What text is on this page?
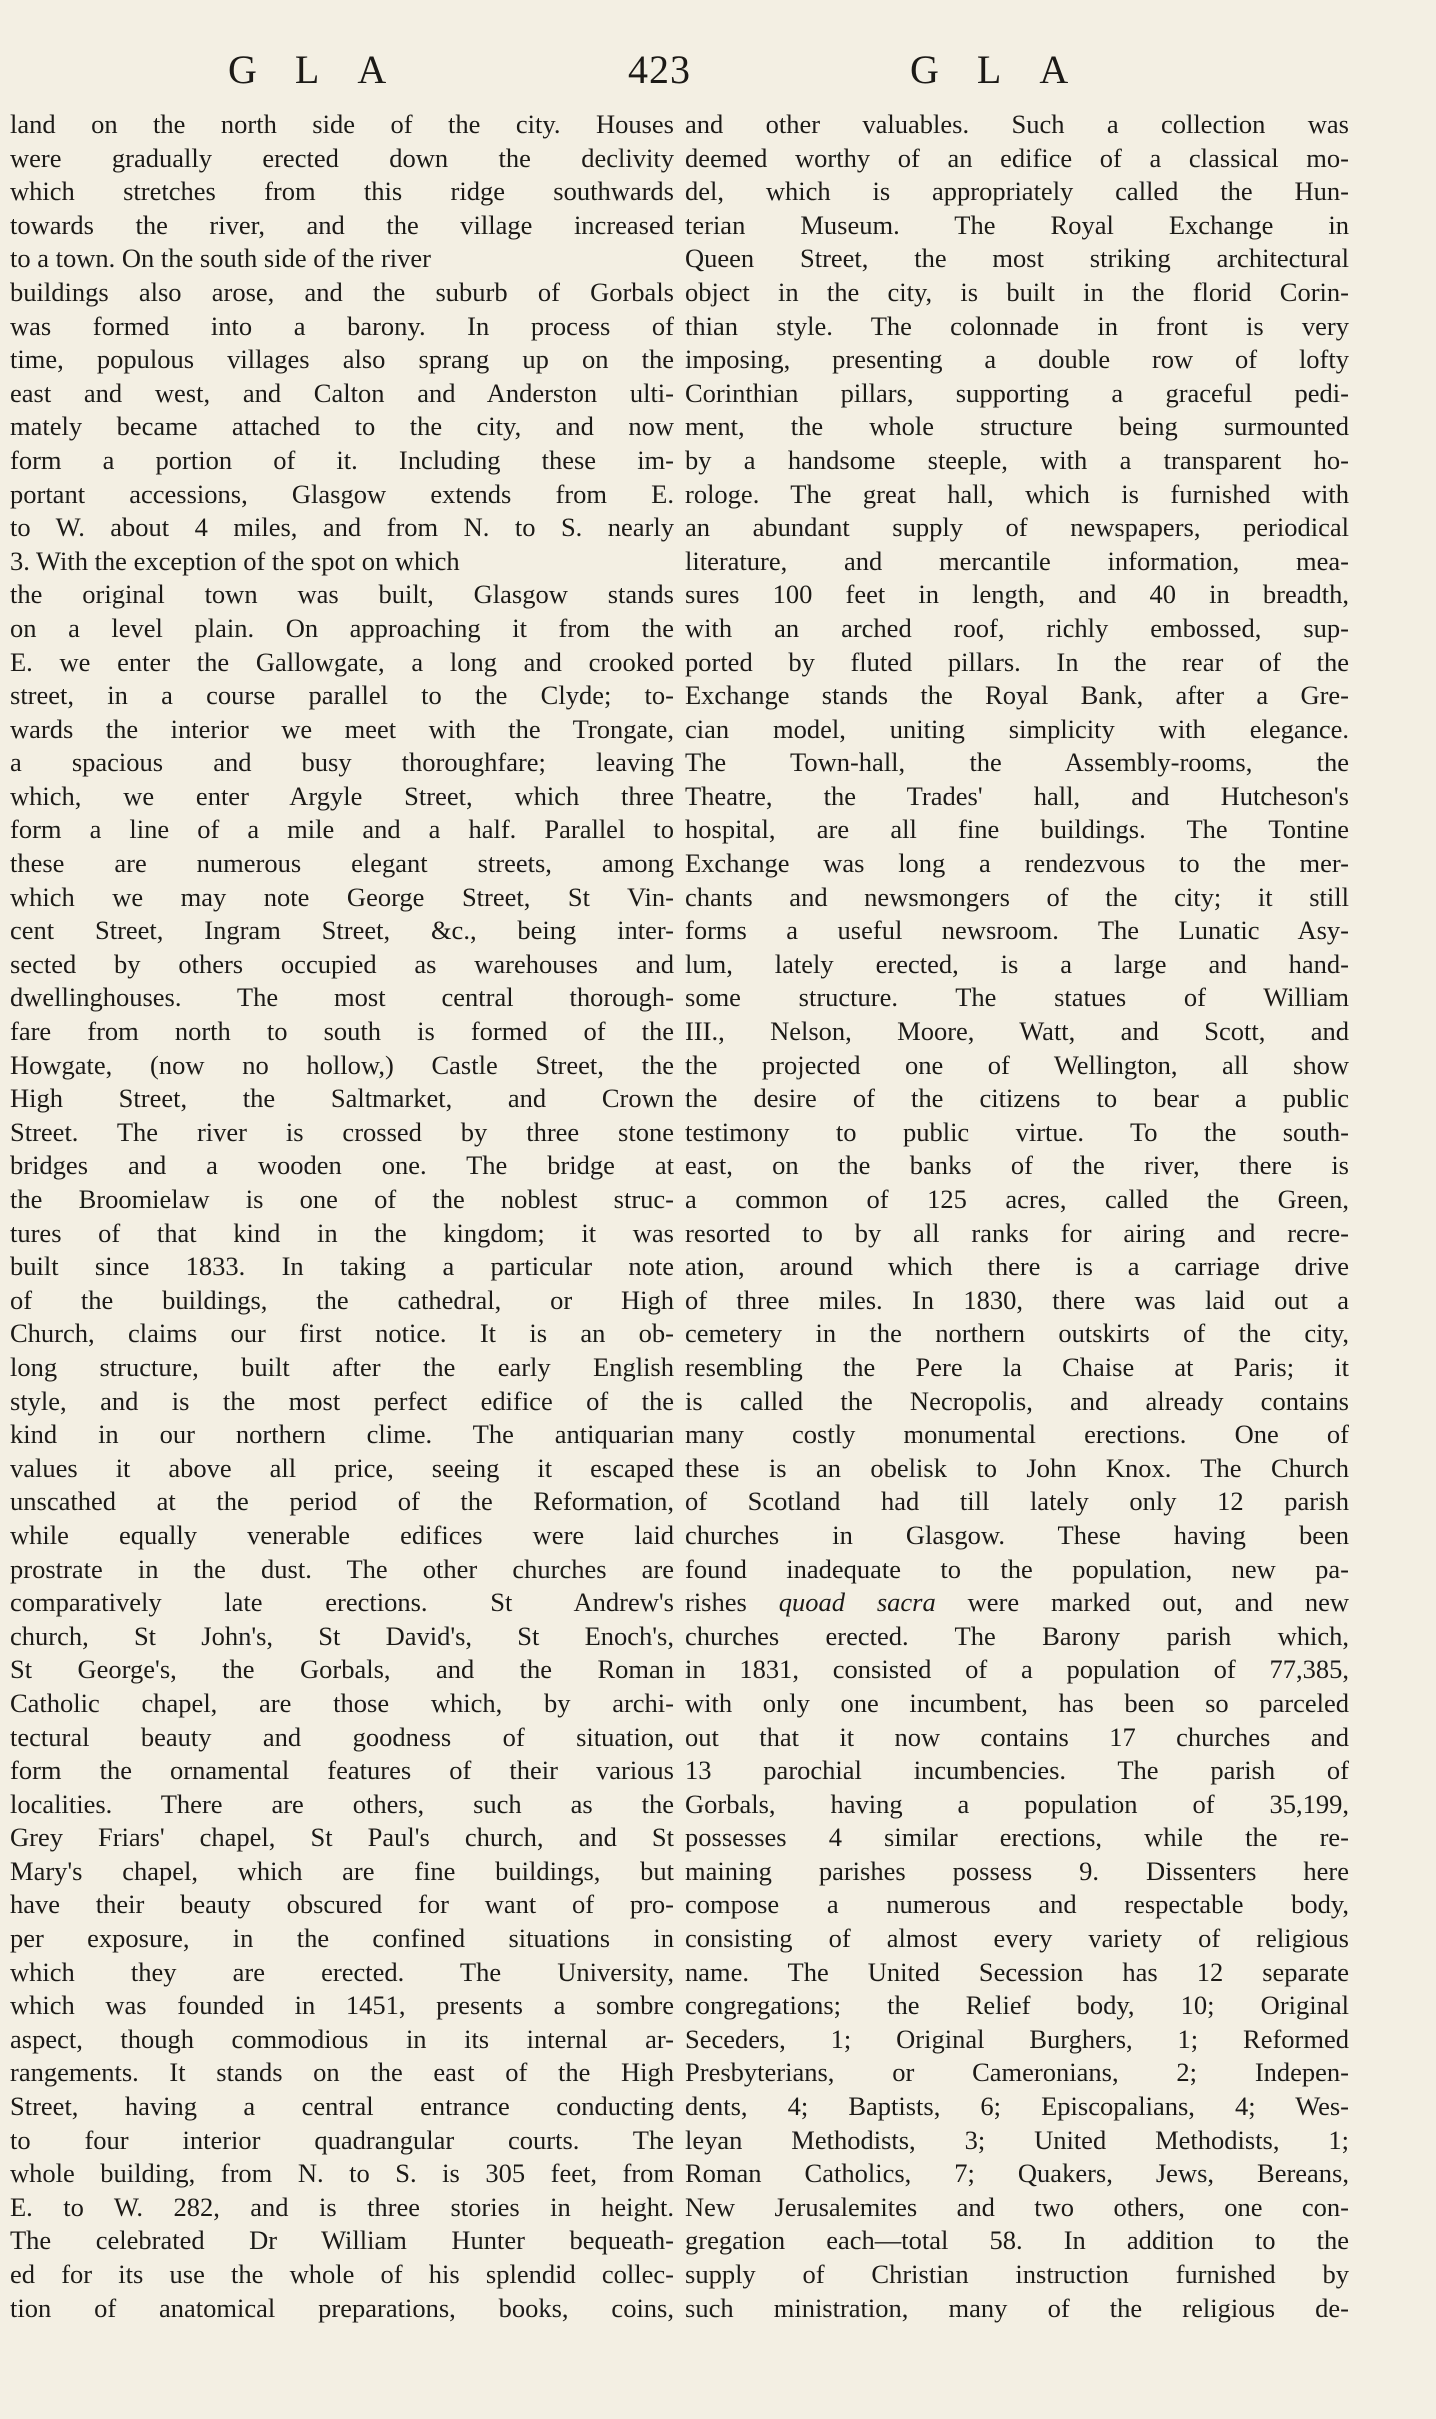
GLA	423	GLA
land on the north side of the city. Houses
were gradually erected down the declivity
which stretches from this ridge southwards
towards the river, and the village increased
to a town. On the south side of the river
buildings also arose, and the suburb of Gorbals
was formed into a barony. In process of
time, populous villages also sprang up on the
east and west, and Calton and Anderston ulti-
mately became attached to the city, and now
form a portion of it. Including these im-
portant accessions, Glasgow extends from E.
to W. about 4 miles, and from N. to S. nearly
3. With the exception of the spot on which
the original town was built, Glasgow stands
on a level plain. On approaching it from the
E. we enter the Gallowgate, a long and crooked
street, in a course parallel to the Clyde; to-
wards the interior we meet with the Trongate,
a spacious and busy thoroughfare; leaving
which, we enter Argyle Street, which three
form a line of a mile and a half. Parallel to
these are numerous elegant streets, among
which we may note George Street, St Vin-
cent Street, Ingram Street, &c., being inter-
sected by others occupied as warehouses and
dwellinghouses. The most central thorough-
fare from north to south is formed of the
Howgate, (now no hollow,) Castle Street, the
High Street, the Saltmarket, and Crown
Street. The river is crossed by three stone
bridges and a wooden one. The bridge at
the Broomielaw is one of the noblest struc-
tures of that kind in the kingdom; it was
built since 1833. In taking a particular note
of the buildings, the cathedral, or High
Church, claims our first notice. It is an ob-
long structure, built after the early English
style, and is the most perfect edifice of the
kind in our northern clime. The antiquarian
values it above all price, seeing it escaped
unscathed at the period of the Reformation,
while equally venerable edifices were laid
prostrate in the dust. The other churches are
comparatively late erections. St Andrew's
church, St John's, St David's, St Enoch's,
St George's, the Gorbals, and the Roman
Catholic chapel, are those which, by archi-
tectural beauty and goodness of situation,
form the ornamental features of their various
localities. There are others, such as the
Grey Friars' chapel, St Paul's church, and St
Mary's chapel, which are fine buildings, but
have their beauty obscured for want of pro-
per exposure, in the confined situations in
which they are erected. The University,
which was founded in 1451, presents a sombre
aspect, though commodious in its internal ar-
rangements. It stands on the east of the High
Street, having a central entrance conducting
to four interior quadrangular courts. The
whole building, from N. to S. is 305 feet, from
E. to W. 282, and is three stories in height.
The celebrated Dr William Hunter bequeath-
ed for its use the whole of his splendid collec-
tion of anatomical preparations, books, coins,
and other valuables. Such a collection was
deemed worthy of an edifice of a classical mo-
del, which is appropriately called the Hun-
terian Museum. The Royal Exchange in
Queen Street, the most striking architectural
object in the city, is built in the florid Corin-
thian style. The colonnade in front is very
imposing, presenting a double row of lofty
Corinthian pillars, supporting a graceful pedi-
ment, the whole structure being surmounted
by a handsome steeple, with a transparent ho-
rologe. The great hall, which is furnished with
an abundant supply of newspapers, periodical
literature, and mercantile information, mea-
sures 100 feet in length, and 40 in breadth,
with an arched roof, richly embossed, sup-
ported by fluted pillars. In the rear of the
Exchange stands the Royal Bank, after a Gre-
cian model, uniting simplicity with elegance.
The Town-hall, the Assembly-rooms, the
Theatre, the Trades' hall, and Hutcheson's
hospital, are all fine buildings. The Tontine
Exchange was long a rendezvous to the mer-
chants and newsmongers of the city; it still
forms a useful newsroom. The Lunatic Asy-
lum, lately erected, is a large and hand-
some structure. The statues of William
III., Nelson, Moore, Watt, and Scott, and
the projected one of Wellington, all show
the desire of the citizens to bear a public
testimony to public virtue. To the south-
east, on the banks of the river, there is
a common of 125 acres, called the Green,
resorted to by all ranks for airing and recre-
ation, around which there is a carriage drive
of three miles. In 1830, there was laid out a
cemetery in the northern outskirts of the city,
resembling the Pere la Chaise at Paris; it
is called the Necropolis, and already contains
many costly monumental erections. One of
these is an obelisk to John Knox. The Church
of Scotland had till lately only 12 parish
churches in Glasgow. These having been
found inadequate to the population, new pa-
rishes quoad sacra were marked out, and new
churches erected. The Barony parish which,
in 1831, consisted of a population of 77,385,
with only one incumbent, has been so parceled
out that it now contains 17 churches and
13 parochial incumbencies. The parish of
Gorbals, having a population of 35,199,
possesses 4 similar erections, while the re-
maining parishes possess 9. Dissenters here
compose a numerous and respectable body,
consisting of almost every variety of religious
name. The United Secession has 12 separate
congregations; the Relief body, 10; Original
Seceders, 1; Original Burghers, 1; Reformed
Presbyterians, or Cameronians, 2; Indepen-
dents, 4; Baptists, 6; Episcopalians, 4; Wes-
leyan Methodists, 3; United Methodists, 1;
Roman Catholics, 7; Quakers, Jews, Bereans,
New Jerusalemites and two others, one con-
gregation each—total 58. In addition to the
supply of Christian instruction furnished by
such ministration, many of the religious de-
